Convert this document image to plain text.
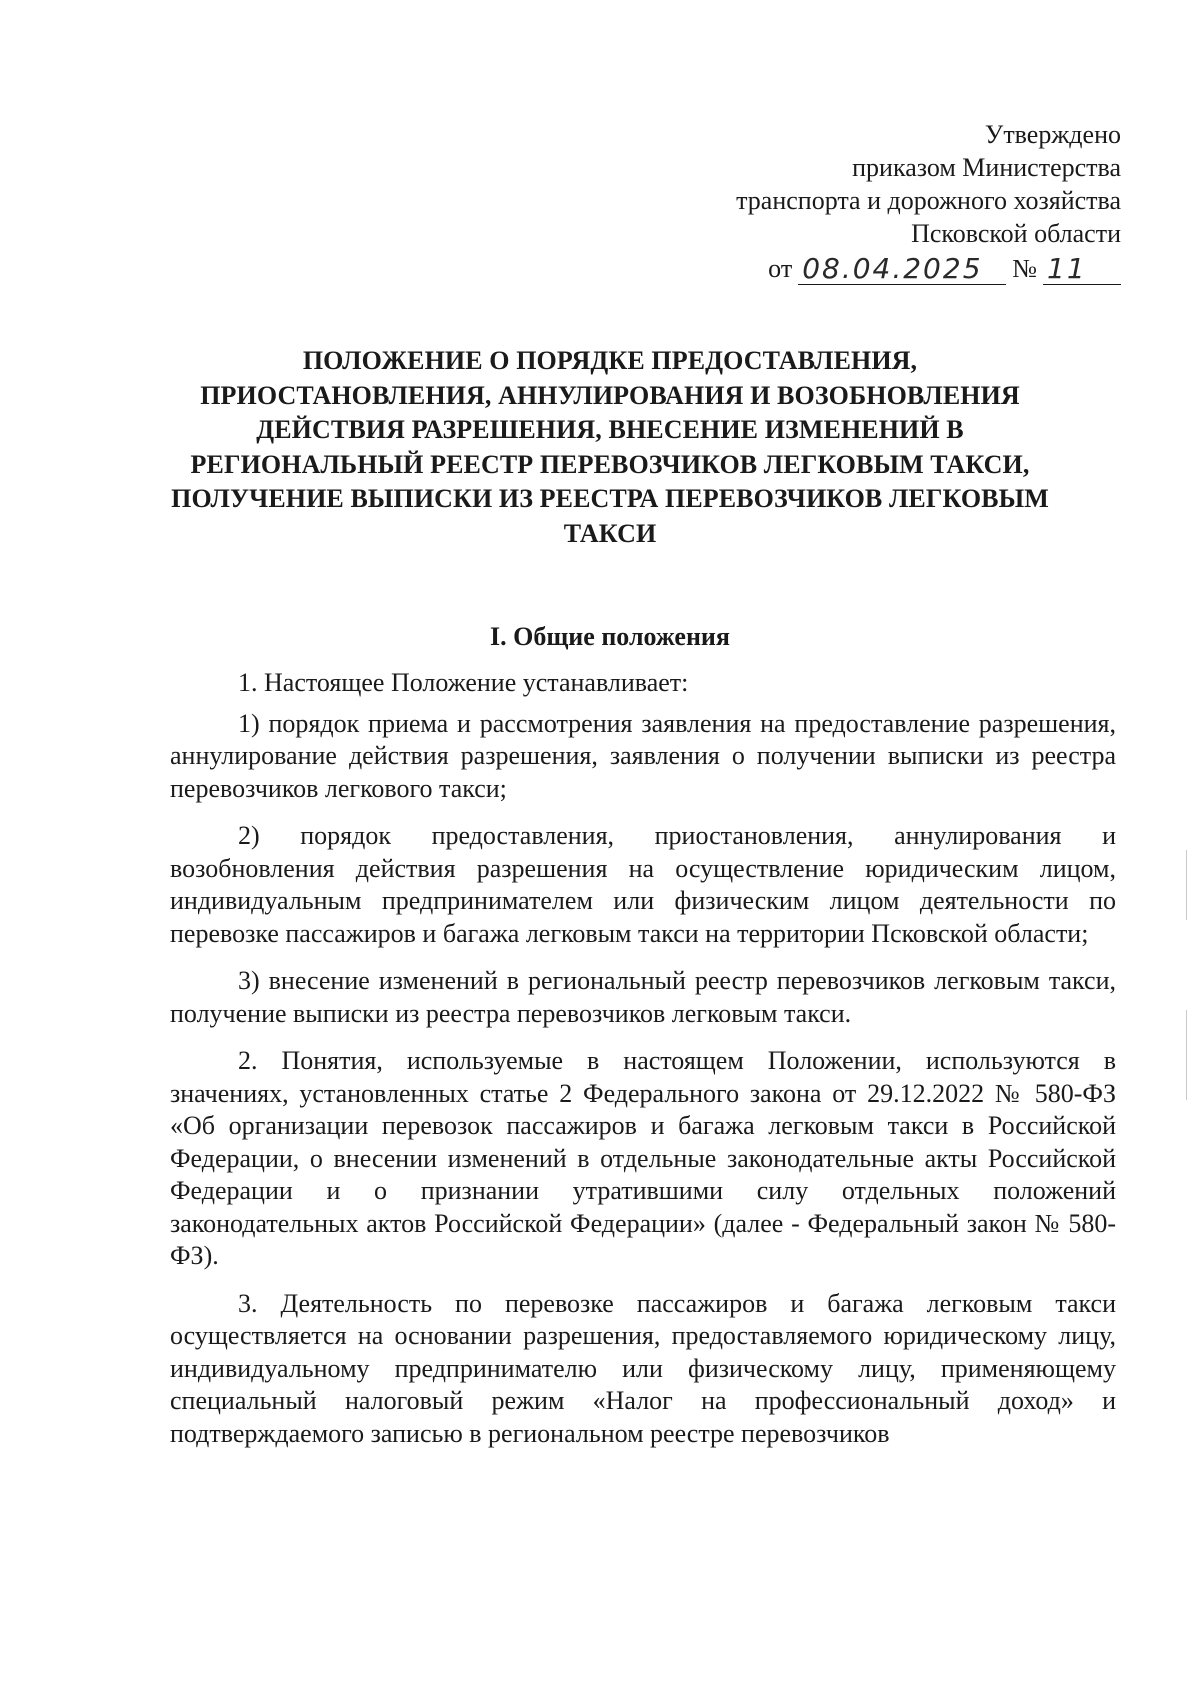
Утверждено
приказом Министерства
транспорта и дорожного хозяйства
Псковской области
от 08.04.2025	№ 11
ПОЛОЖЕНИЕ О ПОРЯДКЕ ПРЕДОСТАВЛЕНИЯ,
ПРИОСТАНОВЛЕНИЯ, АННУЛИРОВАНИЯ И ВОЗОБНОВЛЕНИЯ
ДЕЙСТВИЯ РАЗРЕШЕНИЯ, ВНЕСЕНИЕ ИЗМЕНЕНИЙ В
РЕГИОНАЛЬНЫЙ РЕЕСТР ПЕРЕВОЗЧИКОВ ЛЕГКОВЫМ ТАКСИ,
ПОЛУЧЕНИЕ ВЫПИСКИ ИЗ РЕЕСТРА ПЕРЕВОЗЧИКОВ ЛЕГКОВЫМ
ТАКСИ
I. Общие положения

1. Настоящее Положение устанавливает:

1) порядок приема и рассмотрения заявления на предоставление разрешения, аннулирование действия разрешения, заявления о получении выписки из реестра перевозчиков легкового такси;

2) порядок предоставления, приостановления, аннулирования и возобновления действия разрешения на осуществление юридическим лицом, индивидуальным предпринимателем или физическим лицом деятельности по перевозке пассажиров и багажа легковым такси на территории Псковской области;

3) внесение изменений в региональный реестр перевозчиков легковым такси, получение выписки из реестра перевозчиков легковым такси.

2. Понятия, используемые в настоящем Положении, используются в значениях, установленных статье 2 Федерального закона от 29.12.2022 № 580-ФЗ «Об организации перевозок пассажиров и багажа легковым такси в Российской Федерации, о внесении изменений в отдельные законодательные акты Российской Федерации и о признании утратившими силу отдельных положений законодательных актов Российской Федерации» (далее - Федеральный закон № 580-ФЗ).

3. Деятельность по перевозке пассажиров и багажа легковым такси осуществляется на основании разрешения, предоставляемого юридическому лицу, индивидуальному предпринимателю или физическому лицу, применяющему специальный налоговый режим «Налог на профессиональный доход» и подтверждаемого записью в региональном реестре перевозчиков
